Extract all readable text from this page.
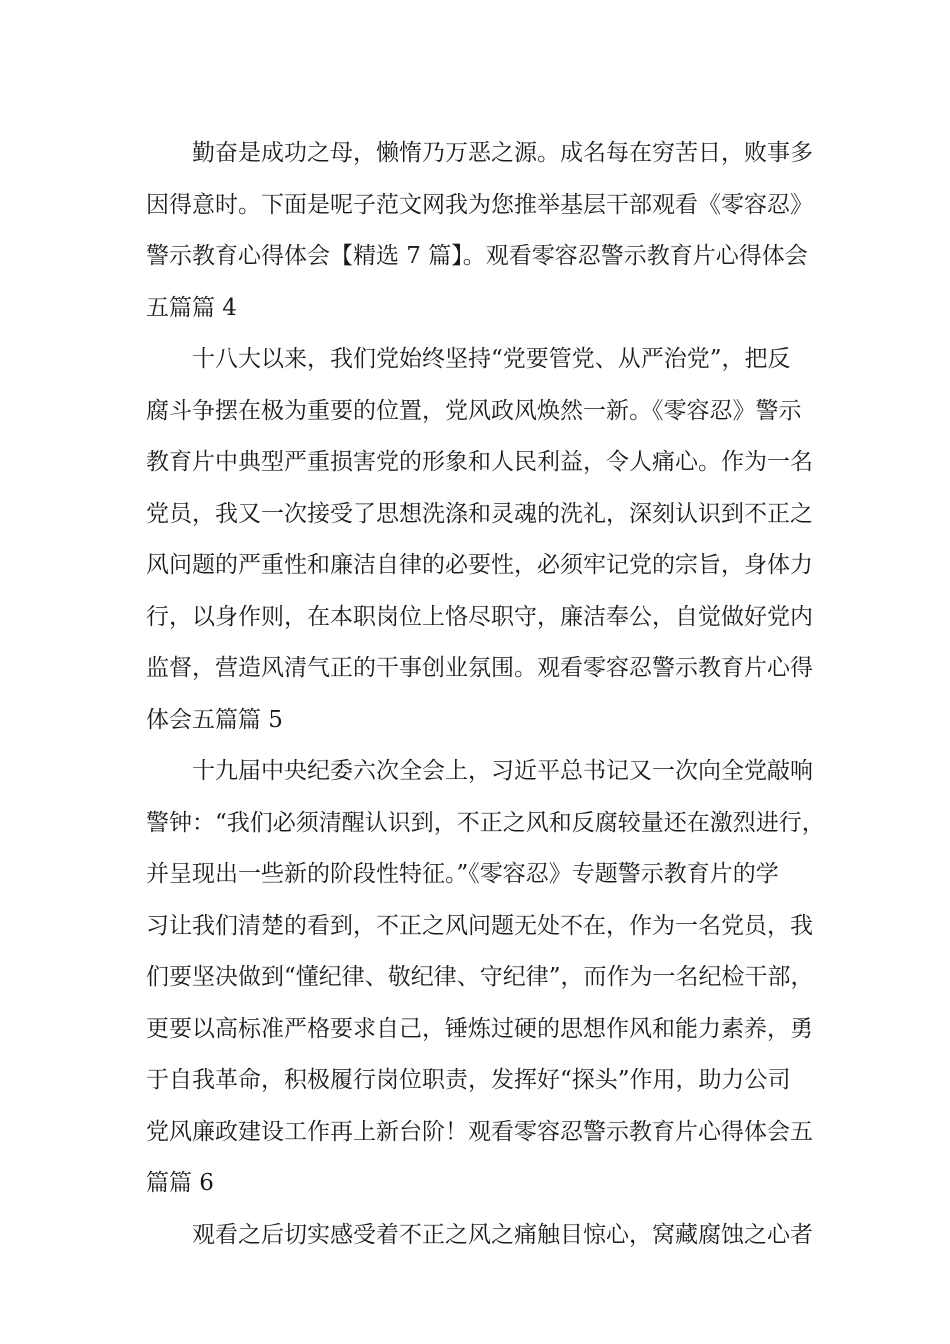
勤奋是成功之母，懒惰乃万恶之源。成名每在穷苦日，败事多
因得意时。下面是呢子范文网我为您推举基层干部观看《零容忍》
警示教育心得体会【精选 7 篇】。观看零容忍警示教育片心得体会
五篇篇 4
十八大以来，我们党始终坚持“党要管党、从严治党”，把反
腐斗争摆在极为重要的位置，党风政风焕然一新。《零容忍》警示
教育片中典型严重损害党的形象和人民利益，令人痛心。作为一名
党员，我又一次接受了思想洗涤和灵魂的洗礼，深刻认识到不正之
风问题的严重性和廉洁自律的必要性，必须牢记党的宗旨，身体力
行，以身作则，在本职岗位上恪尽职守，廉洁奉公，自觉做好党内
监督，营造风清气正的干事创业氛围。观看零容忍警示教育片心得
体会五篇篇 5
十九届中央纪委六次全会上，习近平总书记又一次向全党敲响
警钟：“我们必须清醒认识到，不正之风和反腐较量还在激烈进行，
并呈现出一些新的阶段性特征。”《零容忍》专题警示教育片的学
习让我们清楚的看到，不正之风问题无处不在，作为一名党员，我
们要坚决做到“懂纪律、敬纪律、守纪律”，而作为一名纪检干部，
更要以高标准严格要求自己，锤炼过硬的思想作风和能力素养，勇
于自我革命，积极履行岗位职责，发挥好“探头”作用，助力公司
党风廉政建设工作再上新台阶！观看零容忍警示教育片心得体会五
篇篇 6
观看之后切实感受着不正之风之痛触目惊心，窝藏腐蚀之心者
